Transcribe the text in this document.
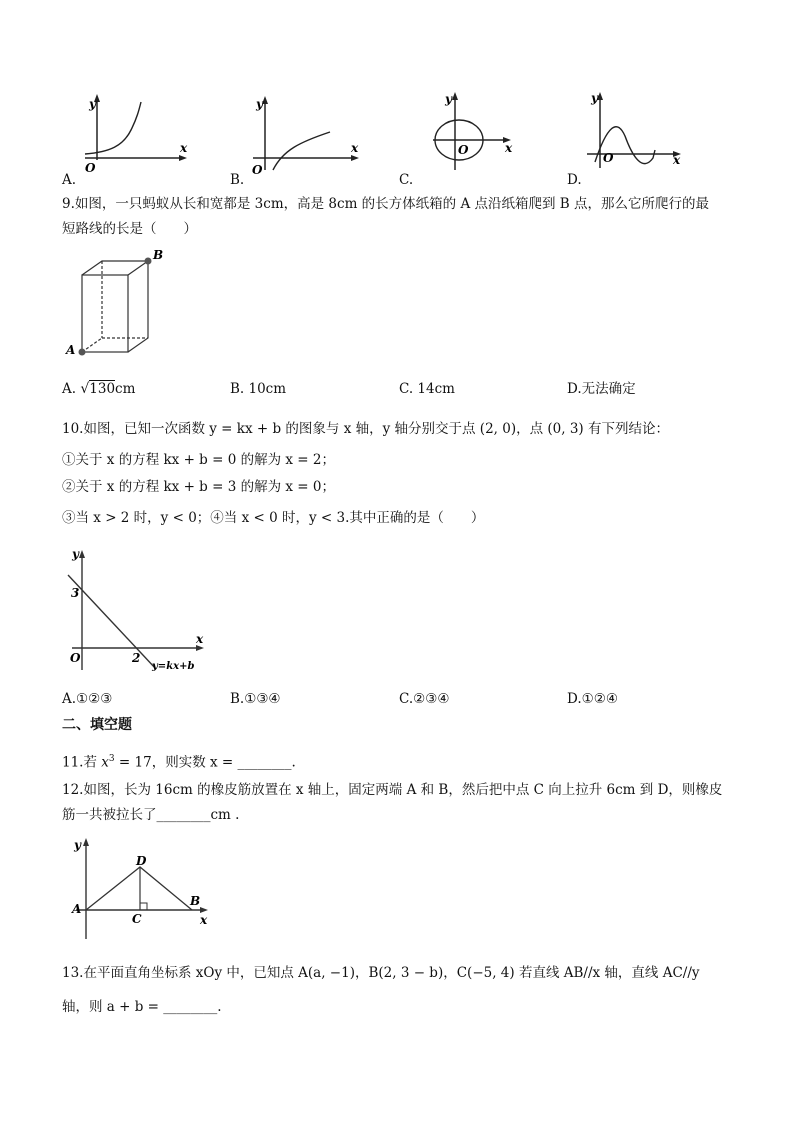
y
x
O
y
x
O
y
x
O
y
x
O
A.	B.	C.	D.
9.如图，一只蚂蚁从长和宽都是 3cm，高是 8cm 的长方体纸箱的 A 点沿纸箱爬到 B 点，那么它所爬行的最
短路线的长是（　　）
A
B
A. √130cm	B. 10cm	C. 14cm	D.无法确定
10.如图，已知一次函数 y = kx + b 的图象与 x 轴，y 轴分别交于点 (2, 0)，点 (0, 3) 有下列结论：
①关于 x 的方程 kx + b = 0 的解为 x = 2；
②关于 x 的方程 kx + b = 3 的解为 x = 0；
③当 x > 2 时，y < 0；④当 x < 0 时，y < 3.其中正确的是（　　）
y
x
O
3
2
y=kx+b
A.①②③	B.①③④	C.②③④	D.①②④
二、填空题
11.若 $x^3 = 17$，则实数 x = ________.
12.如图，长为 16cm 的橡皮筋放置在 x 轴上，固定两端 A 和 B，然后把中点 C 向上拉升 6cm 到 D，则橡皮
筋一共被拉长了________cm .
y
x
A
B
C
D
13.在平面直角坐标系 xOy 中，已知点 A(a, −1)，B(2, 3 − b)，C(−5, 4) 若直线 AB//x 轴，直线 AC//y
轴，则 a + b = ________.
